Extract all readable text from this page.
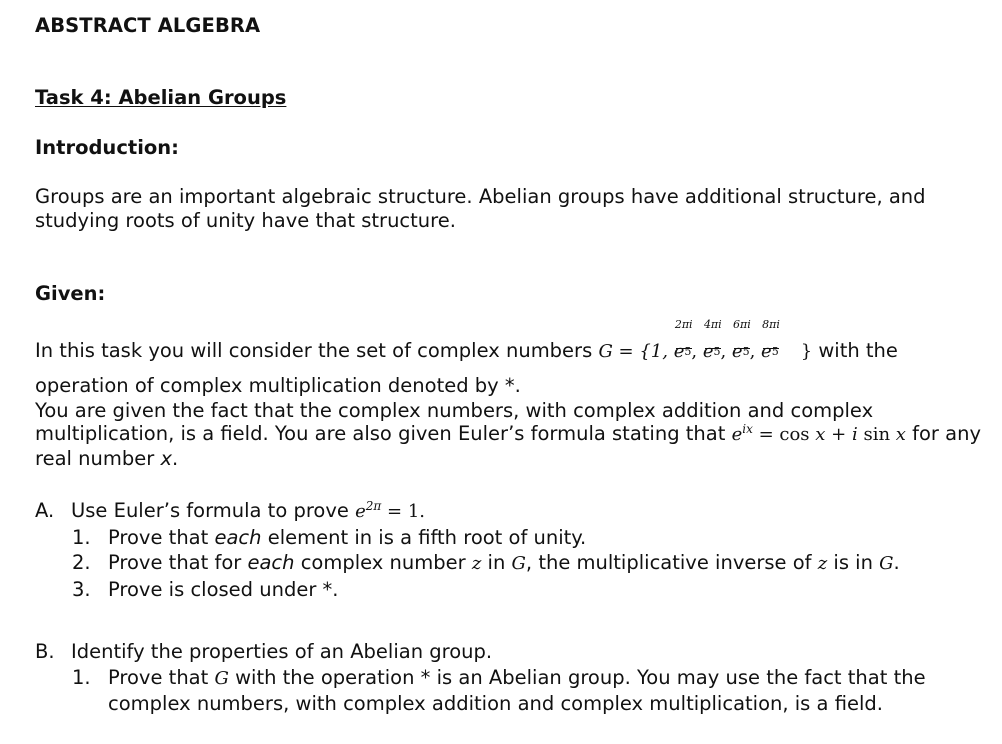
ABSTRACT ALGEBRA
Task 4: Abelian Groups
Introduction:
Groups are an important algebraic structure. Abelian groups have additional structure, and
studying roots of unity have that structure.
Given:
In this task you will consider the set of complex numbers G = {1, e
2πi
5, e
4πi
5, e
6πi
5, e
8πi
5 } with the
operation of complex multiplication denoted by *.
You are given the fact that the complex numbers, with complex addition and complex
multiplication, is a field. You are also given Euler’s formula stating that $e^{ix} = \cos x + i$ sin x for any
real number x.
A. Use Euler’s formula to prove $e^{2\pi} = 1$.
1. Prove that each element in is a fifth root of unity.
2. Prove that for each complex number z in G, the multiplicative inverse of z is in G.
3. Prove is closed under *.
B. Identify the properties of an Abelian group.
1. Prove that G with the operation * is an Abelian group. You may use the fact that the
complex numbers, with complex addition and complex multiplication, is a field.
